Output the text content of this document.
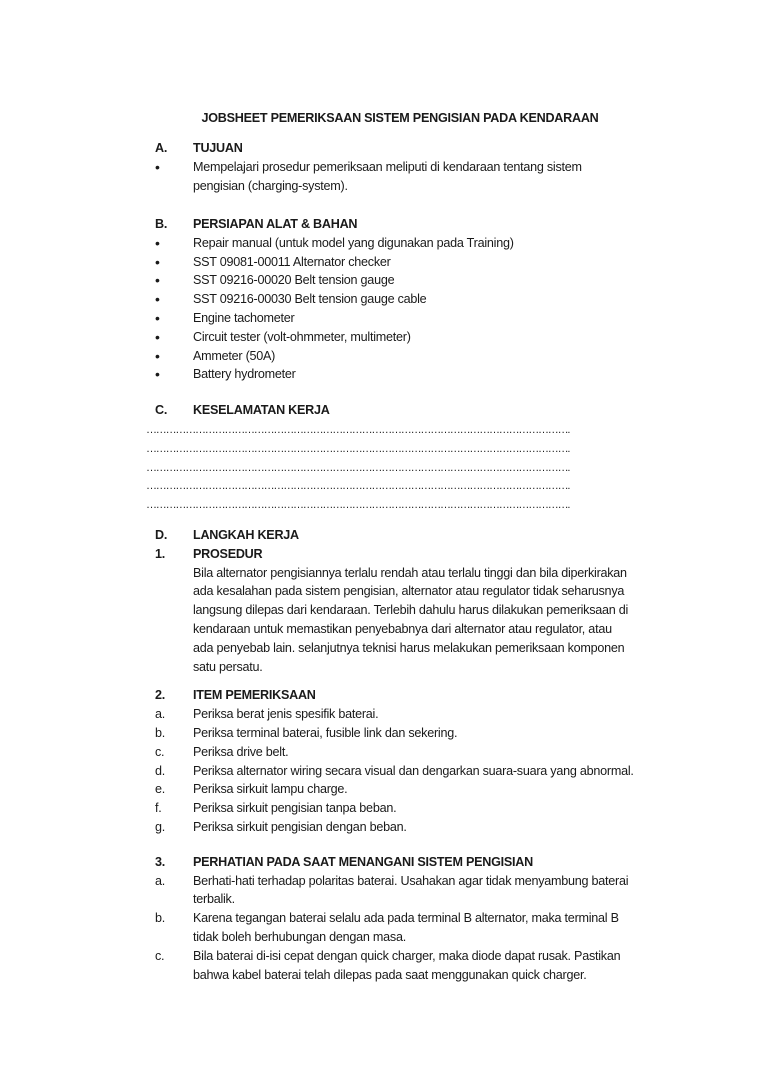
JOBSHEET PEMERIKSAAN SISTEM PENGISIAN PADA KENDARAAN
A.	TUJUAN
•	Mempelajari prosedur pemeriksaan meliputi di kendaraan tentang sistem
pengisian (charging-system).
B.	PERSIAPAN ALAT & BAHAN
•	Repair manual (untuk model yang digunakan pada Training)
•	SST 09081-00011 Alternator checker
•	SST 09216-00020 Belt tension gauge
•	SST 09216-00030 Belt tension gauge cable
•	Engine tachometer
•	Circuit tester (volt-ohmmeter, multimeter)
•	Ammeter (50A)
•	Battery hydrometer
C.	KESELAMATAN KERJA
………………………………………………………………………………………………………………….
………………………………………………………………………………………………………………….
………………………………………………………………………………………………………………….
………………………………………………………………………………………………………………….
………………………………………………………………………………………………………………….
D.	LANGKAH KERJA
1.	PROSEDUR
Bila alternator pengisiannya terlalu rendah atau terlalu tinggi dan bila diperkirakan
ada kesalahan pada sistem pengisian, alternator atau regulator tidak seharusnya
langsung dilepas dari kendaraan. Terlebih dahulu harus dilakukan pemeriksaan di
kendaraan untuk memastikan penyebabnya dari alternator atau regulator, atau
ada penyebab lain. selanjutnya teknisi harus melakukan pemeriksaan komponen
satu persatu.
2.	ITEM PEMERIKSAAN
a.	Periksa berat jenis spesifik baterai.
b.	Periksa terminal baterai, fusible link dan sekering.
c.	Periksa drive belt.
d.	Periksa alternator wiring secara visual dan dengarkan suara-suara yang abnormal.
e.	Periksa sirkuit lampu charge.
f.	Periksa sirkuit pengisian tanpa beban.
g.	Periksa sirkuit pengisian dengan beban.
3.	PERHATIAN PADA SAAT MENANGANI SISTEM PENGISIAN
a.	Berhati-hati terhadap polaritas baterai. Usahakan agar tidak menyambung baterai
terbalik.
b.	Karena tegangan baterai selalu ada pada terminal B alternator, maka terminal B
tidak boleh berhubungan dengan masa.
c.	Bila baterai di-isi cepat dengan quick charger, maka diode dapat rusak. Pastikan
bahwa kabel baterai telah dilepas pada saat menggunakan quick charger.
